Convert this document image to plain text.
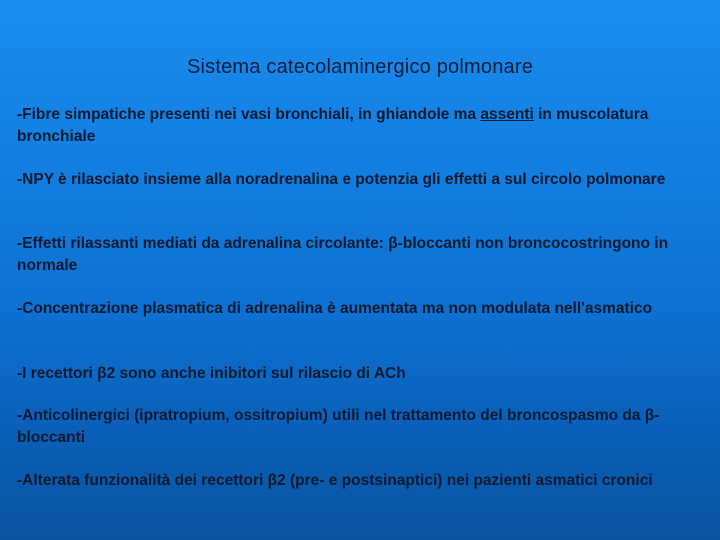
Sistema catecolaminergico polmonare

-Fibre simpatiche presenti nei vasi bronchiali, in ghiandole ma assenti in muscolatura bronchiale

-NPY è rilasciato insieme alla noradrenalina e potenzia gli effetti a sul circolo polmonare

-Effetti rilassanti mediati da adrenalina circolante: β-bloccanti non broncocostringono in normale

-Concentrazione plasmatica di adrenalina è aumentata ma non modulata nell'asmatico

-I recettori β2 sono anche inibitori sul rilascio di ACh

-Anticolinergici (ipratropium, ossitropium) utili nel trattamento del broncospasmo da β-bloccanti

-Alterata funzionalità dei recettori β2 (pre- e postsinaptici) nei pazienti asmatici cronici
